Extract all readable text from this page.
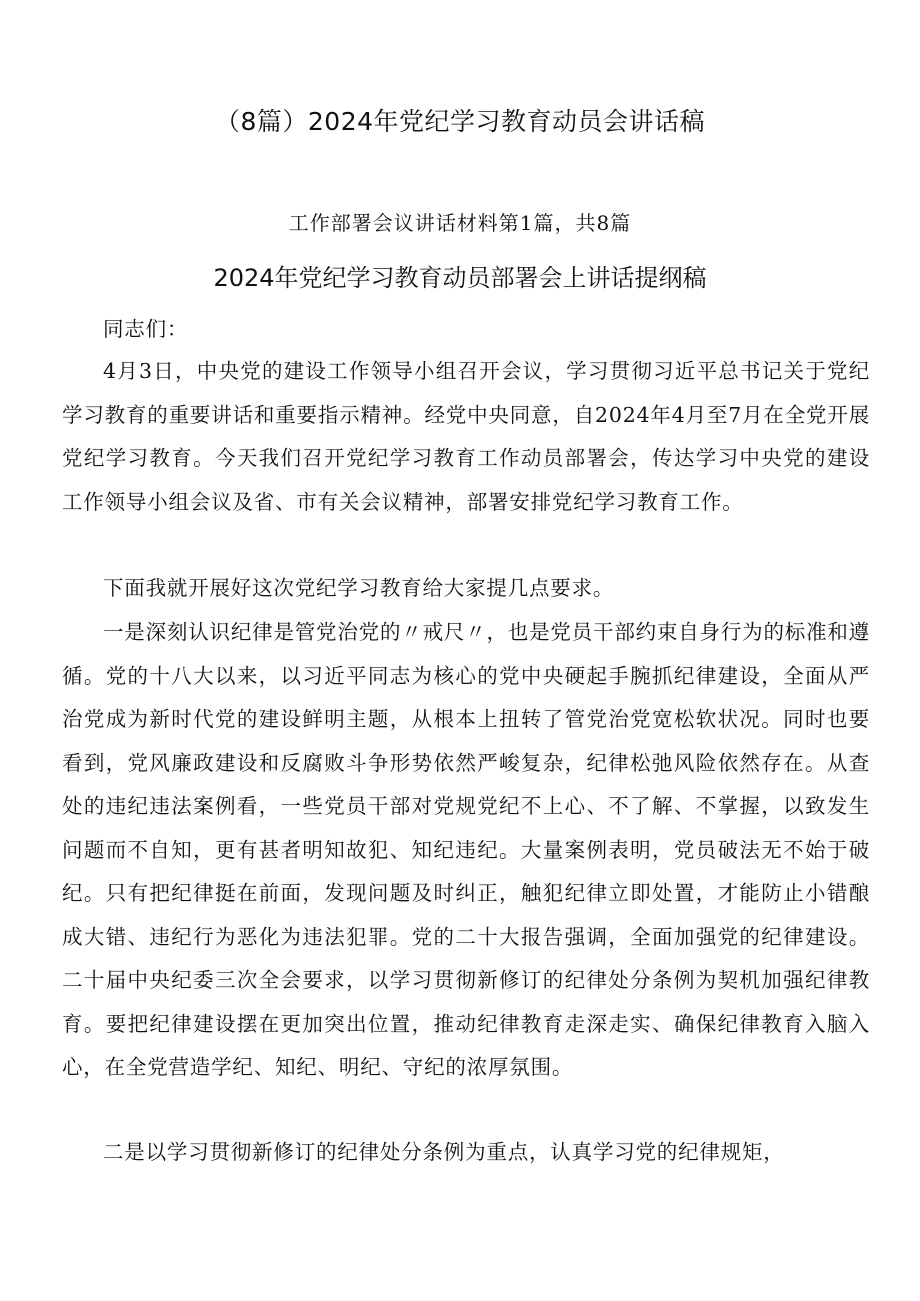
（8篇）2024年党纪学习教育动员会讲话稿
工作部署会议讲话材料第1篇，共8篇
2024年党纪学习教育动员部署会上讲话提纲稿
同志们：

4月3日，中央党的建设工作领导小组召开会议，学习贯彻习近平总书记关于党纪学习教育的重要讲话和重要指示精神。经党中央同意，自2024年4月至7月在全党开展党纪学习教育。今天我们召开党纪学习教育工作动员部署会，传达学习中央党的建设工作领导小组会议及省、市有关会议精神，部署安排党纪学习教育工作。

下面我就开展好这次党纪学习教育给大家提几点要求。

一是深刻认识纪律是管党治党的〃戒尺〃，也是党员干部约束自身行为的标准和遵循。党的十八大以来，以习近平同志为核心的党中央硬起手腕抓纪律建设，全面从严治党成为新时代党的建设鲜明主题，从根本上扭转了管党治党宽松软状况。同时也要看到，党风廉政建设和反腐败斗争形势依然严峻复杂，纪律松弛风险依然存在。从查处的违纪违法案例看，一些党员干部对党规党纪不上心、不了解、不掌握，以致发生问题而不自知，更有甚者明知故犯、知纪违纪。大量案例表明，党员破法无不始于破纪。只有把纪律挺在前面，发现问题及时纠正，触犯纪律立即处置，才能防止小错酿成大错、违纪行为恶化为违法犯罪。党的二十大报告强调，全面加强党的纪律建设。二十届中央纪委三次全会要求，以学习贯彻新修订的纪律处分条例为契机加强纪律教育。要把纪律建设摆在更加突出位置，推动纪律教育走深走实、确保纪律教育入脑入心，在全党营造学纪、知纪、明纪、守纪的浓厚氛围。

二是以学习贯彻新修订的纪律处分条例为重点，认真学习党的纪律规矩，
